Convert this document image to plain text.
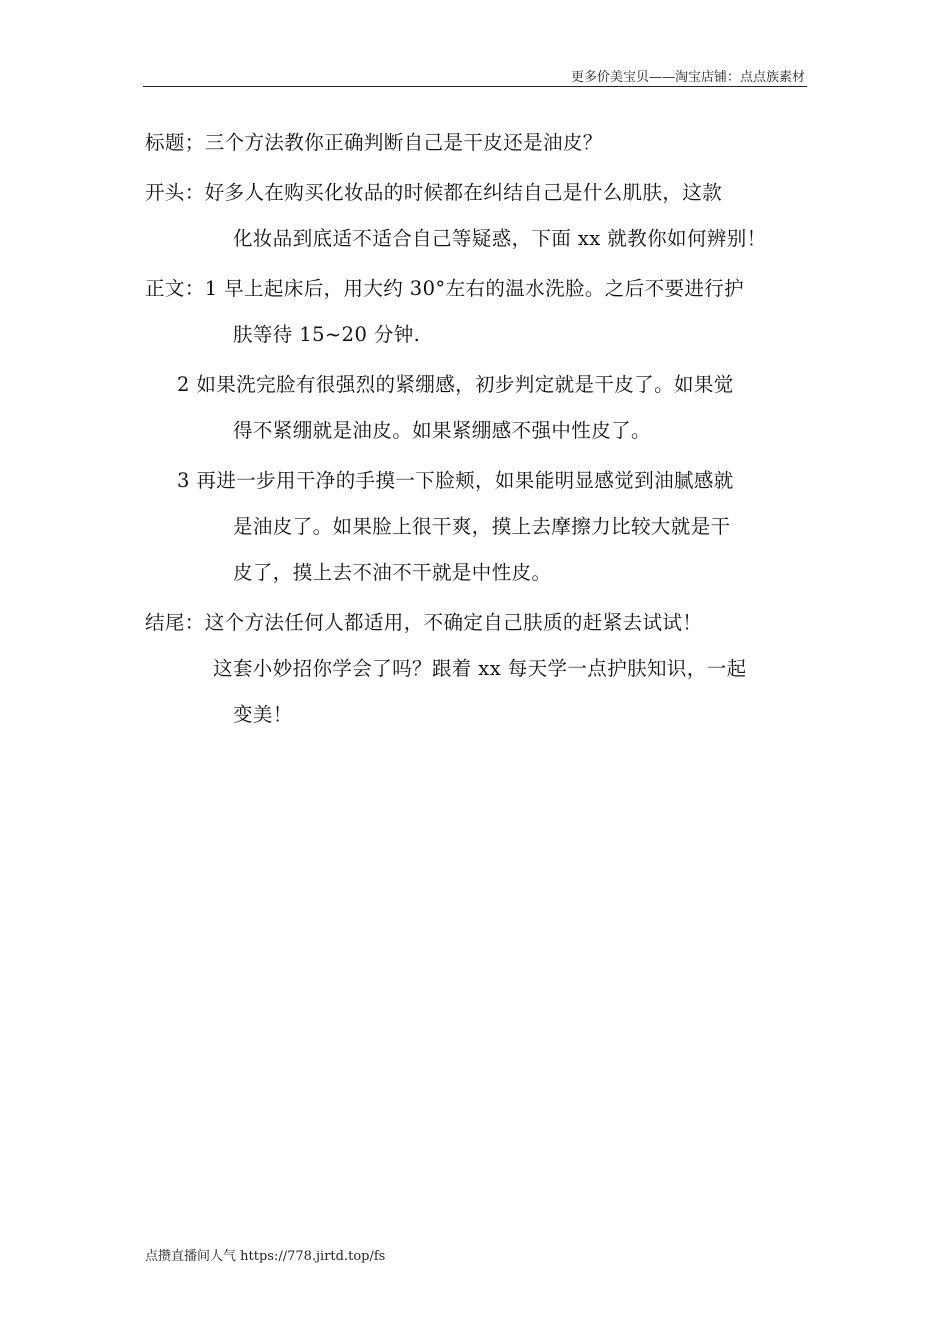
更多价美宝贝——淘宝店铺：点点族素材

标题；三个方法教你正确判断自己是干皮还是油皮？

开头：好多人在购买化妆品的时候都在纠结自己是什么肌肤，这款
化妆品到底适不适合自己等疑惑，下面 xx 就教你如何辨别！

正文：1 早上起床后，用大约 30°左右的温水洗脸。之后不要进行护
肤等待 15~20 分钟.

2 如果洗完脸有很强烈的紧绷感，初步判定就是干皮了。如果觉
得不紧绷就是油皮。如果紧绷感不强中性皮了。

3 再进一步用干净的手摸一下脸颊，如果能明显感觉到油腻感就
是油皮了。如果脸上很干爽，摸上去摩擦力比较大就是干
皮了，摸上去不油不干就是中性皮。

结尾：这个方法任何人都适用，不确定自己肤质的赶紧去试试！
这套小妙招你学会了吗？跟着 xx 每天学一点护肤知识，一起
变美！

点攒直播间人气 https://778.jirtd.top/fs
